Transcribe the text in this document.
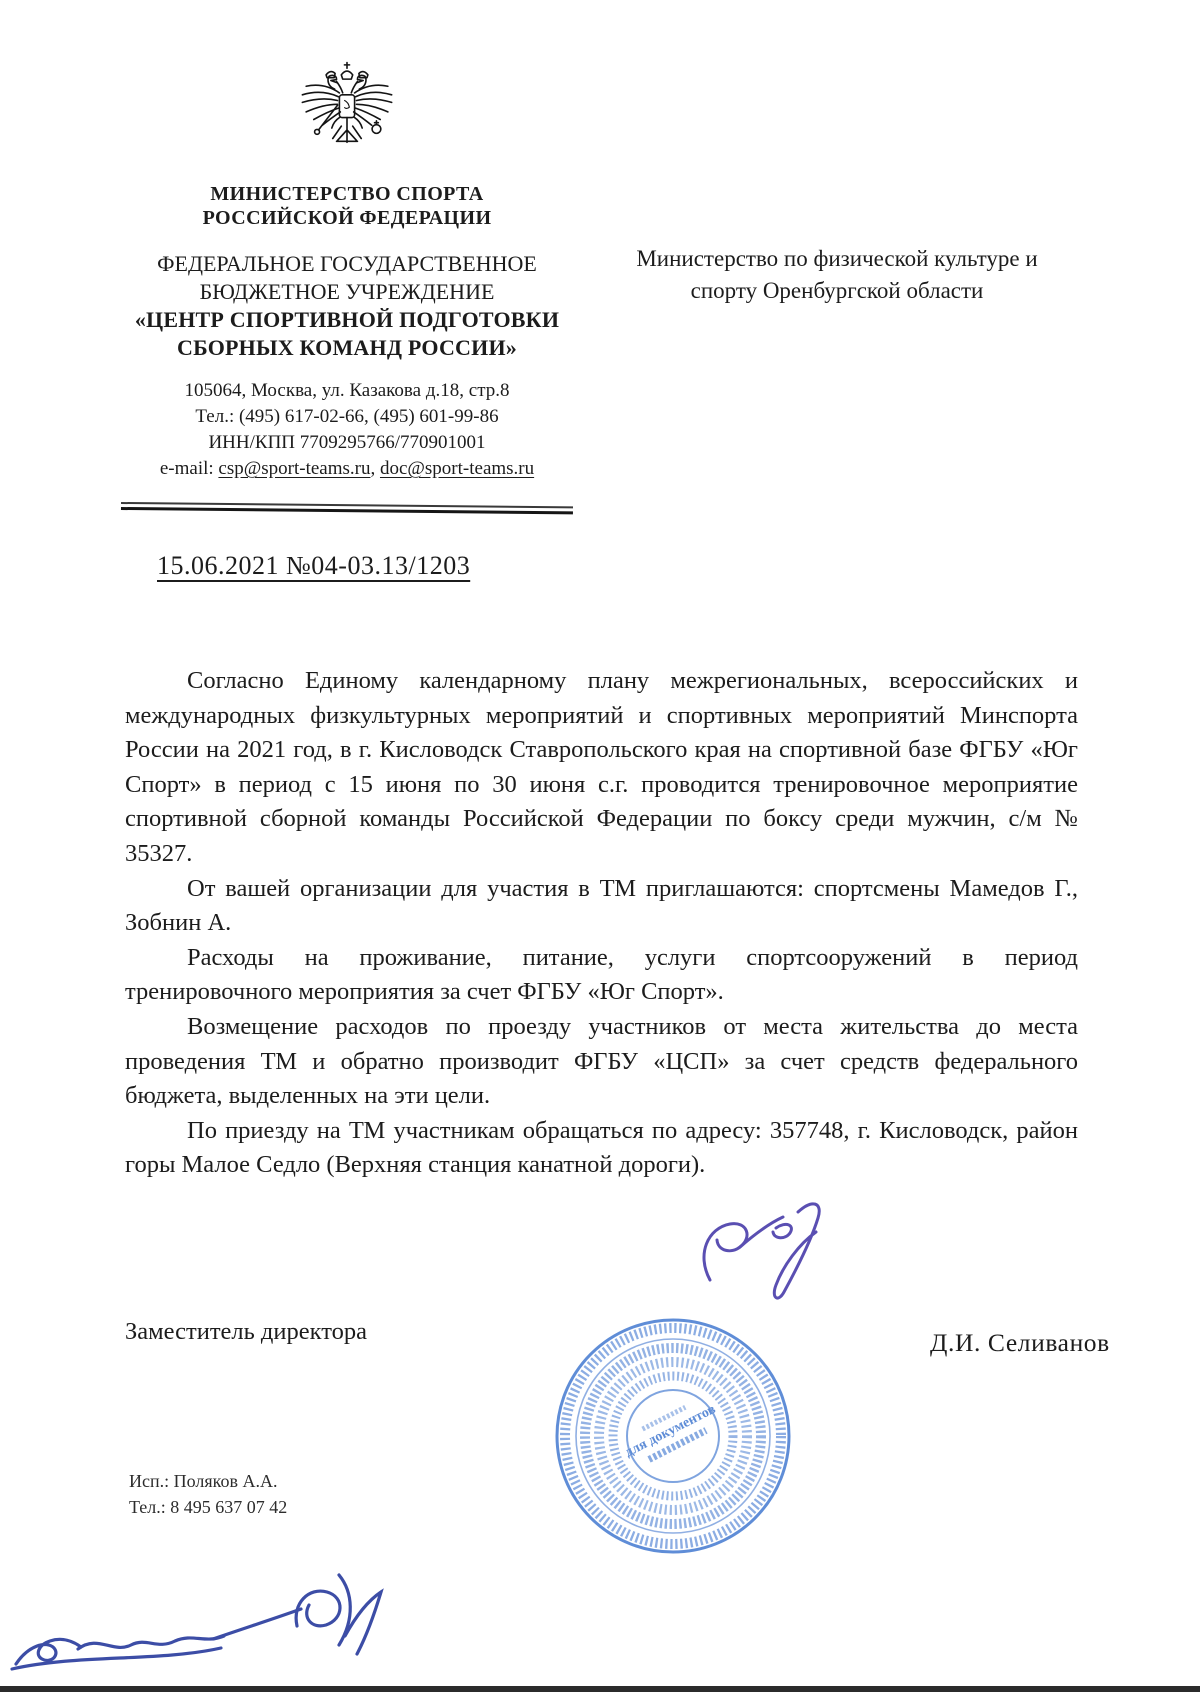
МИНИСТЕРСТВО СПОРТА
РОССИЙСКОЙ ФЕДЕРАЦИИ
ФЕДЕРАЛЬНОЕ ГОСУДАРСТВЕННОЕ
БЮДЖЕТНОЕ УЧРЕЖДЕНИЕ
«ЦЕНТР СПОРТИВНОЙ ПОДГОТОВКИ
СБОРНЫХ КОМАНД РОССИИ»
105064, Москва, ул. Казакова д.18, стр.8
Тел.: (495) 617-02-66, (495) 601-99-86
ИНН/КПП 7709295766/770901001
e-mail: csp@sport-teams.ru, doc@sport-teams.ru
Министерство по физической культуре и
спорту Оренбургской области
15.06.2021 №04-03.13/1203

Согласно Единому календарному плану межрегиональных, всероссийских и международных физкультурных мероприятий и спортивных мероприятий Минспорта России на 2021 год, в г. Кисловодск Ставропольского края на спортивной базе ФГБУ «Юг Спорт» в период с 15 июня по 30 июня с.г. проводится тренировочное мероприятие спортивной сборной команды Российской Федерации по боксу среди мужчин, с/м № 35327.

От вашей организации для участия в ТМ приглашаются: спортсмены Мамедов Г., Зобнин А.

Расходы на проживание, питание, услуги спортсооружений в период тренировочного мероприятия за счет ФГБУ «Юг Спорт».

Возмещение расходов по проезду участников от места жительства до места проведения ТМ и обратно производит ФГБУ «ЦСП» за счет средств федерального бюджета, выделенных на эти цели.

По приезду на ТМ участникам обращаться по адресу: 357748, г. Кисловодск, район горы Малое Седло (Верхняя станция канатной дороги).

Заместитель директора	Д.И. Селиванов
для документов
Исп.: Поляков А.А.
Тел.: 8 495 637 07 42
